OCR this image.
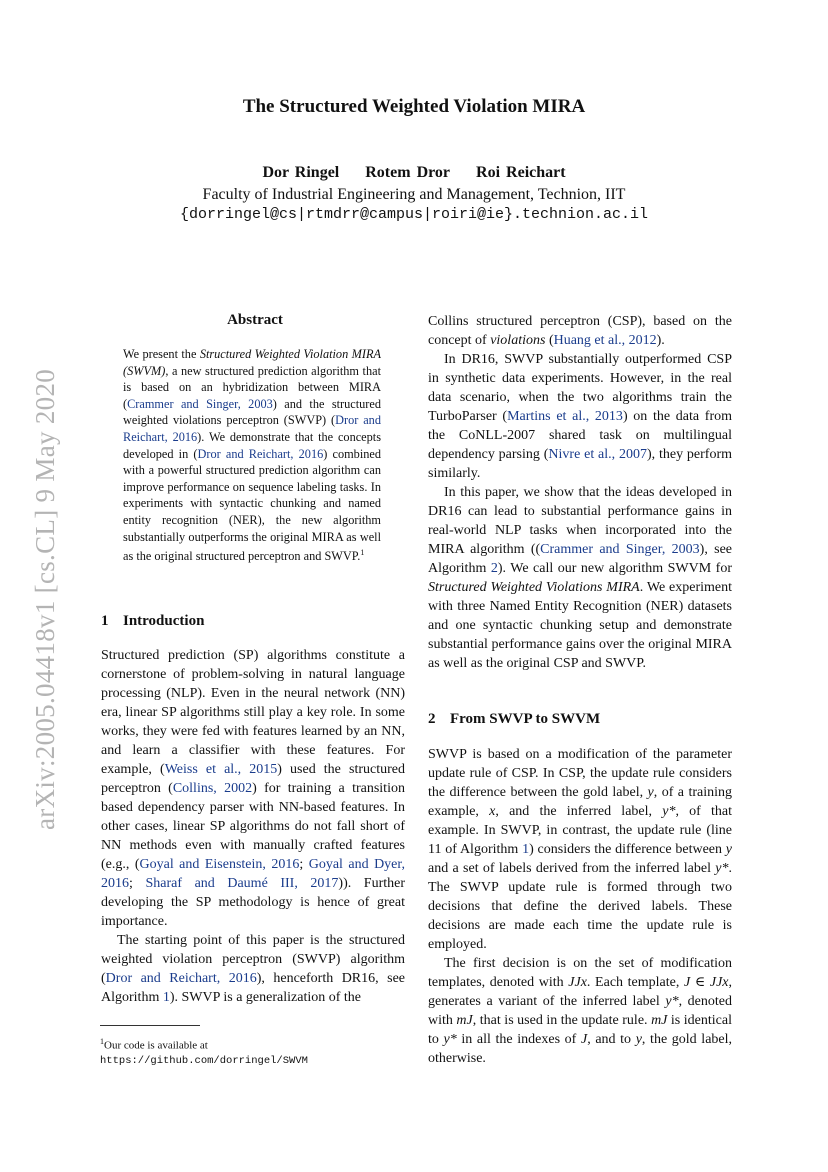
The Structured Weighted Violation MIRA
Dor Ringel Rotem Dror Roi Reichart
Faculty of Industrial Engineering and Management, Technion, IIT
{dorringel@cs|rtmdrr@campus|roiri@ie}.technion.ac.il
arXiv:2005.04418v1 [cs.CL] 9 May 2020
Abstract
We present the Structured Weighted Violation MIRA (SWVM), a new structured prediction algorithm that is based on an hybridization between MIRA (Crammer and Singer, 2003) and the structured weighted violations perceptron (SWVP) (Dror and Reichart, 2016). We demonstrate that the concepts developed in (Dror and Reichart, 2016) combined with a powerful structured prediction algorithm can improve performance on sequence labeling tasks. In experiments with syntactic chunking and named entity recognition (NER), the new algorithm substantially outperforms the original MIRA as well as the original structured perceptron and SWVP.$^1$
1 Introduction

Structured prediction (SP) algorithms constitute a cornerstone of problem-solving in natural language processing (NLP). Even in the neural network (NN) era, linear SP algorithms still play a key role. In some works, they were fed with features learned by an NN, and learn a classifier with these features. For example, (Weiss et al., 2015) used the structured perceptron (Collins, 2002) for training a transition based dependency parser with NN-based features. In other cases, linear SP algorithms do not fall short of NN methods even with manually crafted features (e.g., (Goyal and Eisenstein, 2016; Goyal and Dyer, 2016; Sharaf and Daumé III, 2017)). Further developing the SP methodology is hence of great importance.

The starting point of this paper is the structured weighted violation perceptron (SWVP) algorithm (Dror and Reichart, 2016), henceforth DR16, see Algorithm 1). SWVP is a generalization of the

$^1$Our code is available at
https://github.com/dorringel/SWVM

Collins structured perceptron (CSP), based on the concept of violations (Huang et al., 2012).

In DR16, SWVP substantially outperformed CSP in synthetic data experiments. However, in the real data scenario, when the two algorithms train the TurboParser (Martins et al., 2013) on the data from the CoNLL-2007 shared task on multilingual dependency parsing (Nivre et al., 2007), they perform similarly.

In this paper, we show that the ideas developed in DR16 can lead to substantial performance gains in real-world NLP tasks when incorporated into the MIRA algorithm ((Crammer and Singer, 2003), see Algorithm 2). We call our new algorithm SWVM for Structured Weighted Violations MIRA. We experiment with three Named Entity Recognition (NER) datasets and one syntactic chunking setup and demonstrate substantial performance gains over the original MIRA as well as the original CSP and SWVP.

2 From SWVP to SWVM

SWVP is based on a modification of the parameter update rule of CSP. In CSP, the update rule considers the difference between the gold label, y, of a training example, x, and the inferred label, y*, of that example. In SWVP, in contrast, the update rule (line 11 of Algorithm 1) considers the difference between y and a set of labels derived from the inferred label y*. The SWVP update rule is formed through two decisions that define the derived labels. These decisions are made each time the update rule is employed.

The first decision is on the set of modification templates, denoted with JJx. Each template, J ∈ JJx, generates a variant of the inferred label y*, denoted with mJ, that is used in the update rule. mJ is identical to y* in all the indexes of J, and to y, the gold label, otherwise.
